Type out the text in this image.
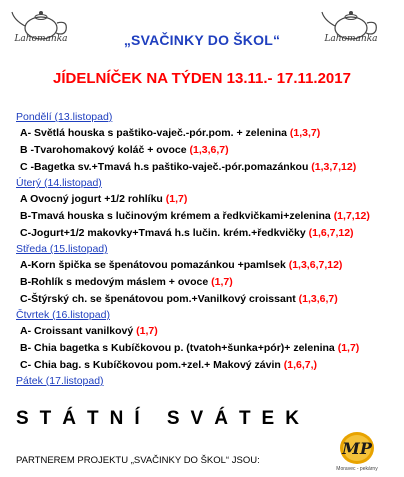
Lahomanka	Lahomanka
„SVAČINKY DO ŠKOL“
JÍDELNÍČEK NA TÝDEN 13.11.- 17.11.2017
Pondělí (13.listopad)
A- Světlá houska s paštiko-vaječ.-pór.pom. + zelenina (1,3,7)
B -Tvarohomakový koláč + ovoce (1,3,6,7)
C -Bagetka sv.+Tmavá h.s paštiko-vaječ.-pór.pomazánkou (1,3,7,12)
Úterý (14.listopad)
A Ovocný jogurt +1/2 rohlíku (1,7)
B-Tmavá houska s lučinovým krémem a ředkvičkami+zelenina (1,7,12)
C-Jogurt+1/2 makovky+Tmavá h.s lučin. krém.+ředkvičky (1,6,7,12)
Středa (15.listopad)
A-Korn špička se špenátovou pomazánkou +pamlsek (1,3,6,7,12)
B-Rohlík s medovým máslem + ovoce (1,7)
C-Štýrský ch. se špenátovou pom.+Vanilkový croissant (1,3,6,7)
Čtvrtek (16.listopad)
A- Croissant vanilkový (1,7)
B- Chia bagetka s Kubíčkovou p. (tvatoh+šunka+pór)+ zelenina (1,7)
C- Chia bag. s Kubíčkovou pom.+zel.+ Makový závin (1,6,7,)
Pátek (17.listopad)
STÁTNÍ SVÁTEK
PARTNEREM PROJEKTU „SVAČINKY DO ŠKOL“ JSOU:
MP
Moravec - pekárny
